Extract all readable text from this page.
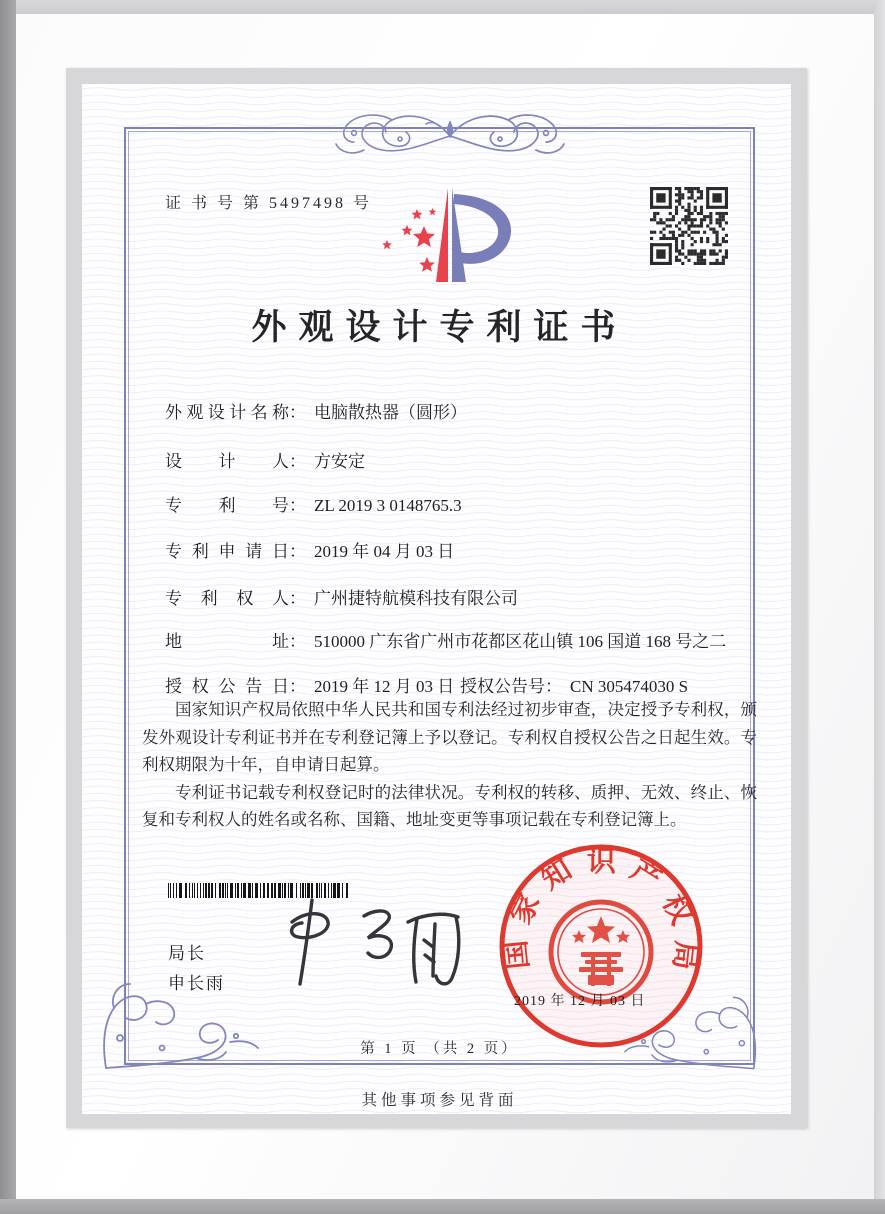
证 书 号 第 5497498 号
外观设计专利证书
外观设计名称： 电脑散热器（圆形）
设 计 人： 方安定
专 利 号： ZL 2019 3 0148765.3
专利申请日： 2019 年 04 月 03 日
专 利 权 人： 广州捷特航模科技有限公司
地 址： 510000 广东省广州市花都区花山镇 106 国道 168 号之二
授权公告日： 2019 年 12 月 03 日 授权公告号： CN 305474030 S

国家知识产权局依照中华人民共和国专利法经过初步审查，决定授予专利权，颁发外观设计专利证书并在专利登记簿上予以登记。专利权自授权公告之日起生效。专利权期限为十年，自申请日起算。

专利证书记载专利权登记时的法律状况。专利权的转移、质押、无效、终止、恢复和专利权人的姓名或名称、国籍、地址变更等事项记载在专利登记簿上。

局长
申长雨
国家知识产权局
2019 年 12 月 03 日
第 1 页 （共 2 页）
其他事项参见背面
